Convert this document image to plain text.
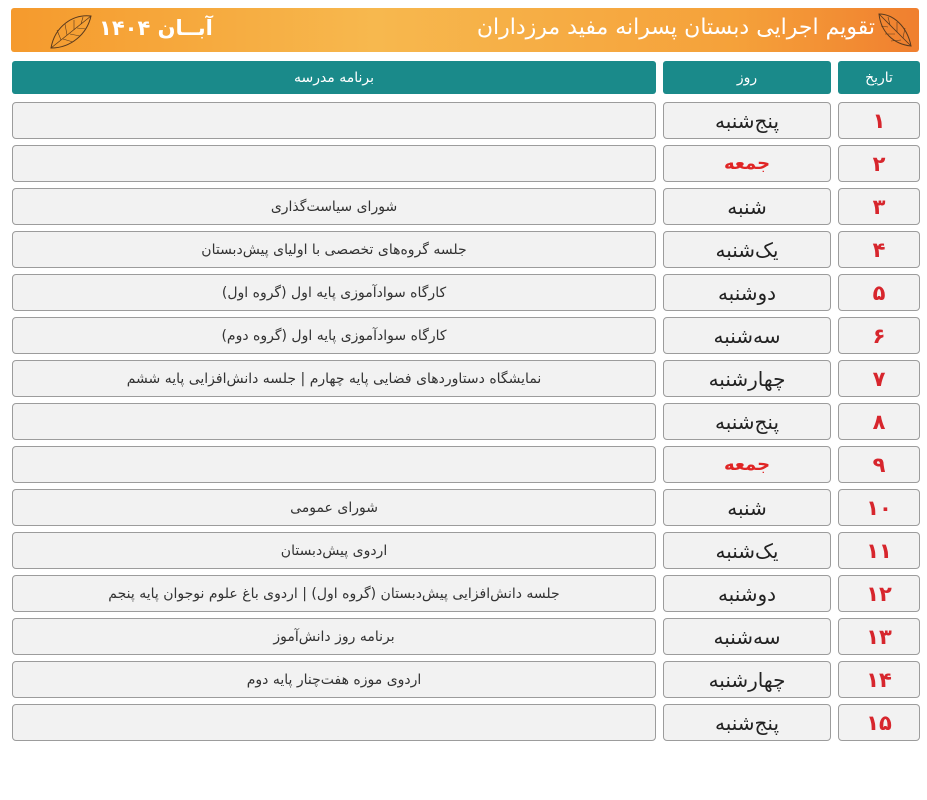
آبــان ۱۴۰۴	تقویم اجرایی دبستان پسرانه مفید مرزداران
تاریخ
روز
برنامه مدرسه
۱
پنج‌شنبه
۲
جمعه
۳
شنبه
شورای سیاست‌گذاری
۴
یک‌شنبه
جلسه گروه‌های تخصصی با اولیای پیش‌دبستان
۵
دوشنبه
کارگاه سوادآموزی پایه اول (گروه اول)
۶
سه‌شنبه
کارگاه سوادآموزی پایه اول (گروه دوم)
۷
چهارشنبه
نمایشگاه دستاوردهای فضایی پایه چهارم | جلسه دانش‌افزایی پایه ششم
۸
پنج‌شنبه
۹
جمعه
۱۰
شنبه
شورای عمومی
۱۱
یک‌شنبه
اردوی پیش‌دبستان
۱۲
دوشنبه
جلسه دانش‌افزایی پیش‌دبستان (گروه اول) | اردوی باغ علوم نوجوان پایه پنجم
۱۳
سه‌شنبه
برنامه روز دانش‌آموز
۱۴
چهارشنبه
اردوی موزه هفت‌چنار پایه دوم
۱۵
پنج‌شنبه
